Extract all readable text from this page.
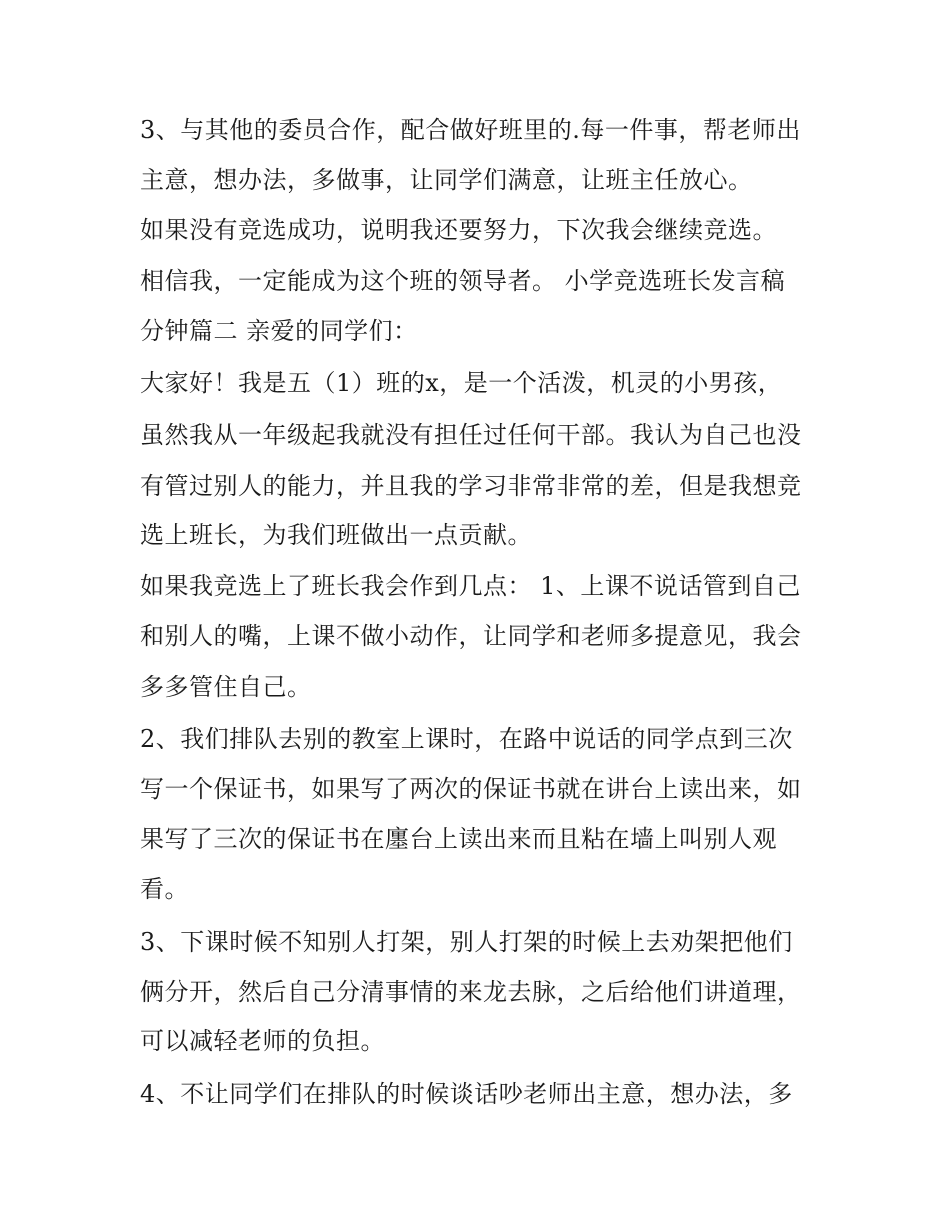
3、与其他的委员合作，配合做好班里的.每一件事，帮老师出
主意，想办法，多做事，让同学们满意，让班主任放心。
如果没有竞选成功，说明我还要努力，下次我会继续竞选。
相信我，一定能成为这个班的领导者。 小学竞选班长发言稿
分钟篇二 亲爱的同学们：
大家好！我是五（1）班的x，是一个活泼，机灵的小男孩，
虽然我从一年级起我就没有担任过任何干部。我认为自己也没
有管过别人的能力，并且我的学习非常非常的差，但是我想竞
选上班长，为我们班做出一点贡献。
如果我竞选上了班长我会作到几点： 1、上课不说话管到自己
和别人的嘴，上课不做小动作，让同学和老师多提意见，我会
多多管住自己。
2、我们排队去别的教室上课时，在路中说话的同学点到三次
写一个保证书，如果写了两次的保证书就在讲台上读出来，如
果写了三次的保证书在廛台上读出来而且粘在墙上叫别人观
看。
3、下课时候不知别人打架，别人打架的时候上去劝架把他们
俩分开，然后自己分清事情的来龙去脉，之后给他们讲道理，
可以减轻老师的负担。
4、不让同学们在排队的时候谈话吵老师出主意，想办法，多
